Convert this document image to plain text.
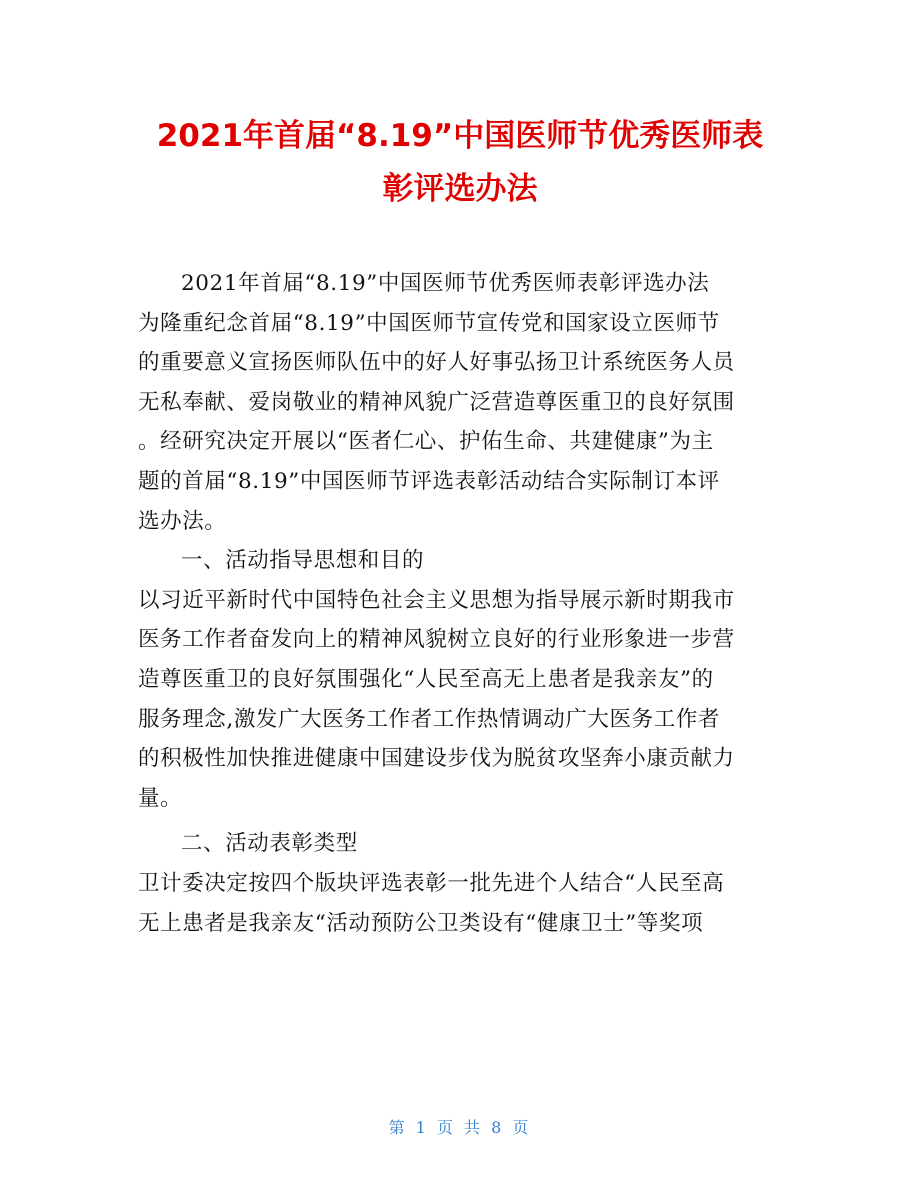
2021年首届“8.19”中国医师节优秀医师表
彰评选办法
2021年首届“8.19”中国医师节优秀医师表彰评选办法
为隆重纪念首届“8.19”中国医师节宣传党和国家设立医师节
的重要意义宣扬医师队伍中的好人好事弘扬卫计系统医务人员
无私奉献、爱岗敬业的精神风貌广泛营造尊医重卫的良好氛围
。经研究决定开展以“医者仁心、护佑生命、共建健康”为主
题的首届“8.19”中国医师节评选表彰活动结合实际制订本评
选办法。
一、活动指导思想和目的
以习近平新时代中国特色社会主义思想为指导展示新时期我市
医务工作者奋发向上的精神风貌树立良好的行业形象进一步营
造尊医重卫的良好氛围强化“人民至高无上患者是我亲友”的
服务理念,激发广大医务工作者工作热情调动广大医务工作者
的积极性加快推进健康中国建设步伐为脱贫攻坚奔小康贡献力
量。
二、活动表彰类型
卫计委决定按四个版块评选表彰一批先进个人结合“人民至高
无上患者是我亲友“活动预防公卫类设有“健康卫士”等奖项
第 1 页 共 8 页
